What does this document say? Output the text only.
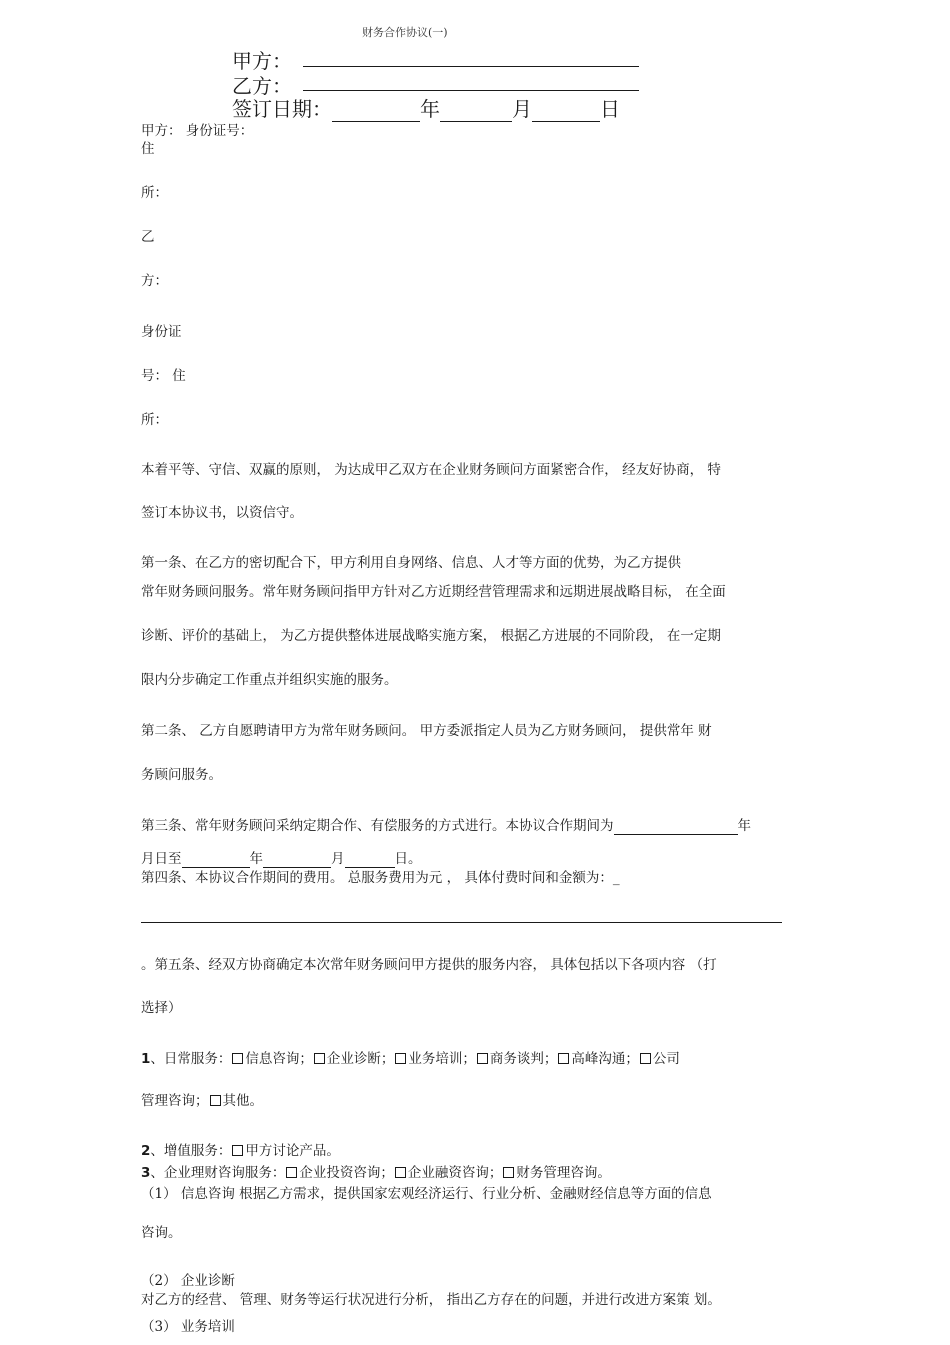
财务合作协议(一)
甲方：
乙方：
签订日期：	年	月	日
甲方： 身份证号：
住
所：
乙
方：
身份证
号： 住
所：
本着平等、守信、双赢的原则， 为达成甲乙双方在企业财务顾问方面紧密合作， 经友好协商， 特
签订本协议书，以资信守。
第一条、在乙方的密切配合下，甲方利用自身网络、信息、人才等方面的优势，为乙方提供
常年财务顾问服务。常年财务顾问指甲方针对乙方近期经营管理需求和远期进展战略目标， 在全面
诊断、评价的基础上， 为乙方提供整体进展战略实施方案， 根据乙方进展的不同阶段， 在一定期
限内分步确定工作重点并组织实施的服务。
第二条、 乙方自愿聘请甲方为常年财务顾问。 甲方委派指定人员为乙方财务顾问， 提供常年 财
务顾问服务。
第三条、常年财务顾问采纳定期合作、有偿服务的方式进行。本协议合作期间为	年
月日至	年	月	日。
第四条、本协议合作期间的费用。 总服务费用为元 ， 具体付费时间和金额为：_
。第五条、经双方协商确定本次常年财务顾问甲方提供的服务内容， 具体包括以下各项内容 （打
选择）
1、日常服务： 信息咨询； 企业诊断； 业务培训； 商务谈判； 高峰沟通； 公司
管理咨询； 其他。
2、增值服务： 甲方讨论产品。
3、企业理财咨询服务： 企业投资咨询； 企业融资咨询； 财务管理咨询。
（1） 信息咨询 根据乙方需求，提供国家宏观经济运行、行业分析、金融财经信息等方面的信息
咨询。
（2） 企业诊断
对乙方的经营、 管理、财务等运行状况进行分析， 指出乙方存在的问题，并进行改进方案策 划。
（3） 业务培训
